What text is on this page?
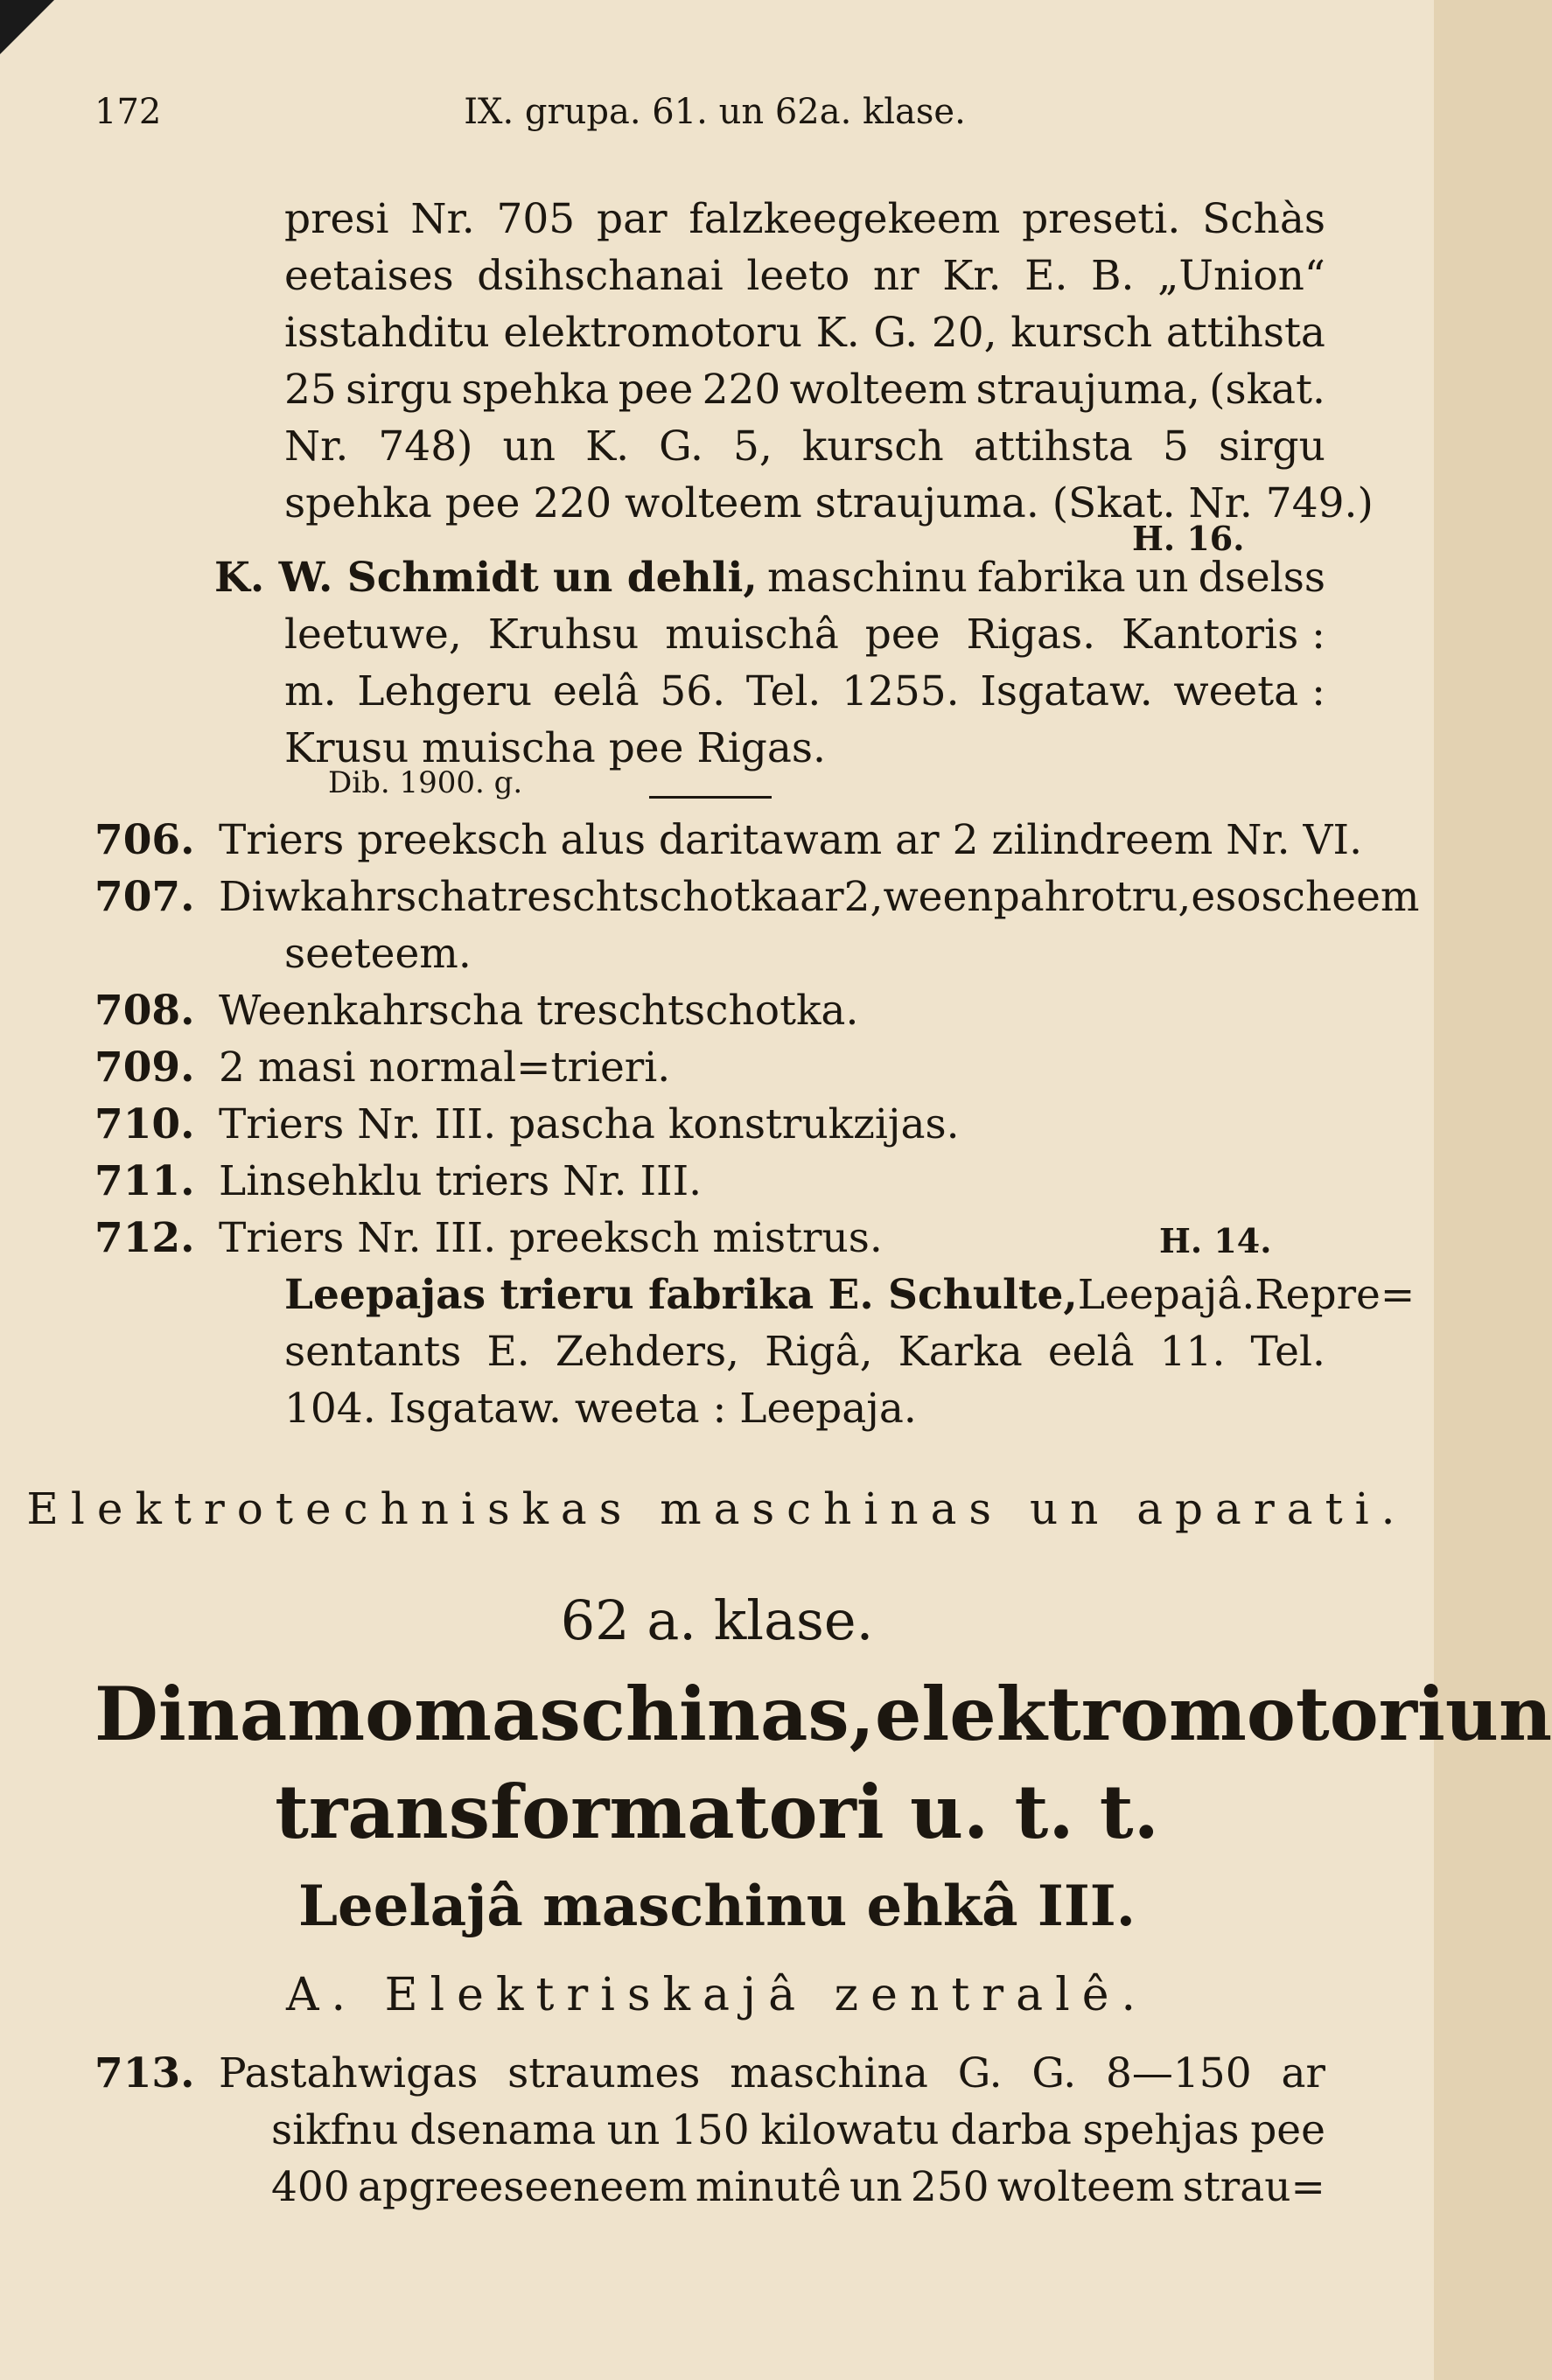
172	IX. grupa. 61. un 62a. klase.
presi Nr. 705 par falzkeegekeem preseti. Schàs
eetaises dsihschanai leeto nr Kr. E. B. „Union“
isstahditu elektromotoru K. G. 20, kursch attihsta
25 sirgu spehka pee 220 wolteem straujuma, (skat.
Nr. 748) un K. G. 5, kursch attihsta 5 sirgu
spehka pee 220 wolteem straujuma. (Skat. Nr. 749.)
H. 16.
K. W. Schmidt un dehli, maschinu fabrika un dselss
leetuwe, Kruhsu muischâ pee Rigas. Kantoris :
m. Lehgeru eelâ 56. Tel. 1255. Isgataw. weeta :
Krusu muischa pee Rigas.
Dib. 1900. g.
706. Triers preeksch alus daritawam ar 2 zilindreem Nr. VI.
707. Diwkahrscha treschtschotka ar 2, ween pahr otru, esoscheem
seeteem.
708. Weenkahrscha treschtschotka.
709. 2 masi normal=trieri.
710. Triers Nr. III. pascha konstrukzijas.
711. Linsehklu triers Nr. III.
712. Triers Nr. III. preeksch mistrus.	H. 14.
Leepajas trieru fabrika E. Schulte, Leepajâ. Repre=
sentants E. Zehders, Rigâ, Karka eelâ 11. Tel.
104. Isgataw. weeta : Leepaja.
Elektrotechniskas maschinas un aparati.
62 a. klase.
Dinamomaschinas, elektromotori un
transformatori u. t. t.
Leelajâ maschinu ehkâ III.
A. Elektriskajâ zentralê.
713. Pastahwigas straumes maschina G. G. 8—150 ar
sikfnu dsenama un 150 kilowatu darba spehjas pee
400 apgreeseeneem minutê un 250 wolteem strau=
